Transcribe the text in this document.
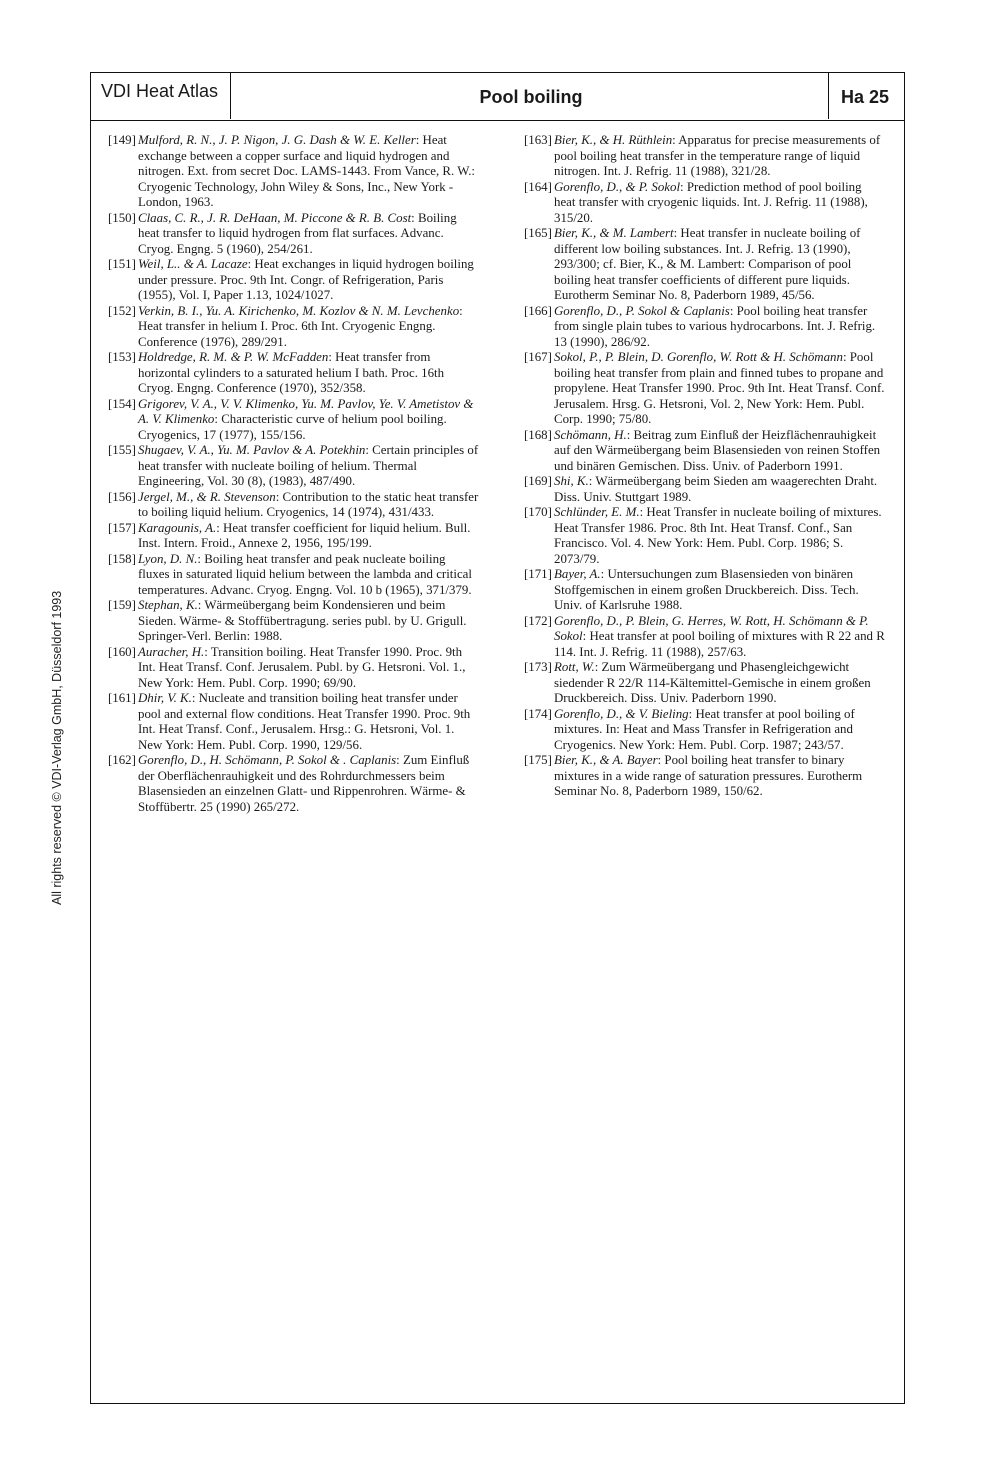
VDI Heat Atlas	Pool boiling	Ha 25
[149] Mulford, R. N., J. P. Nigon, J. G. Dash & W. E. Keller: Heat exchange between a copper surface and liquid hydrogen and nitrogen. Ext. from secret Doc. LAMS-1443. From Vance, R. W.: Cryogenic Technology, John Wiley & Sons, Inc., New York - London, 1963.
[150] Claas, C. R., J. R. DeHaan, M. Piccone & R. B. Cost: Boiling heat transfer to liquid hydrogen from flat surfaces. Advanc. Cryog. Engng. 5 (1960), 254/261.
[151] Weil, L.. & A. Lacaze: Heat exchanges in liquid hydrogen boiling under pressure. Proc. 9th Int. Congr. of Refrigeration, Paris (1955), Vol. I, Paper 1.13, 1024/1027.
[152] Verkin, B. I., Yu. A. Kirichenko, M. Kozlov & N. M. Levchenko: Heat transfer in helium I. Proc. 6th Int. Cryogenic Engng. Conference (1976), 289/291.
[153] Holdredge, R. M. & P. W. McFadden: Heat transfer from horizontal cylinders to a saturated helium I bath. Proc. 16th Cryog. Engng. Conference (1970), 352/358.
[154] Grigorev, V. A., V. V. Klimenko, Yu. M. Pavlov, Ye. V. Ametistov & A. V. Klimenko: Characteristic curve of helium pool boiling. Cryogenics, 17 (1977), 155/156.
[155] Shugaev, V. A., Yu. M. Pavlov & A. Potekhin: Certain principles of heat transfer with nucleate boiling of helium. Thermal Engineering, Vol. 30 (8), (1983), 487/490.
[156] Jergel, M., & R. Stevenson: Contribution to the static heat transfer to boiling liquid helium. Cryogenics, 14 (1974), 431/433.
[157] Karagounis, A.: Heat transfer coefficient for liquid helium. Bull. Inst. Intern. Froid., Annexe 2, 1956, 195/199.
[158] Lyon, D. N.: Boiling heat transfer and peak nucleate boiling fluxes in saturated liquid helium between the lambda and critical temperatures. Advanc. Cryog. Engng. Vol. 10 b (1965), 371/379.
[159] Stephan, K.: Wärmeübergang beim Kondensieren und beim Sieden. Wärme- & Stoffübertragung. series publ. by U. Grigull. Springer-Verl. Berlin: 1988.
[160] Auracher, H.: Transition boiling. Heat Transfer 1990. Proc. 9th Int. Heat Transf. Conf. Jerusalem. Publ. by G. Hetsroni. Vol. 1., New York: Hem. Publ. Corp. 1990; 69/90.
[161] Dhir, V. K.: Nucleate and transition boiling heat transfer under pool and external flow conditions. Heat Transfer 1990. Proc. 9th Int. Heat Transf. Conf., Jerusalem. Hrsg.: G. Hetsroni, Vol. 1. New York: Hem. Publ. Corp. 1990, 129/56.
[162] Gorenflo, D., H. Schömann, P. Sokol & . Caplanis: Zum Einfluß der Oberflächenrauhigkeit und des Rohrdurchmessers beim Blasensieden an einzelnen Glatt- und Rippenrohren. Wärme- & Stoffübertr. 25 (1990) 265/272.
[163] Bier, K., & H. Rüthlein: Apparatus for precise measurements of pool boiling heat transfer in the temperature range of liquid nitrogen. Int. J. Refrig. 11 (1988), 321/28.
[164] Gorenflo, D., & P. Sokol: Prediction method of pool boiling heat transfer with cryogenic liquids. Int. J. Refrig. 11 (1988), 315/20.
[165] Bier, K., & M. Lambert: Heat transfer in nucleate boiling of different low boiling substances. Int. J. Refrig. 13 (1990), 293/300; cf. Bier, K., & M. Lambert: Comparison of pool boiling heat transfer coefficients of different pure liquids. Eurotherm Seminar No. 8, Paderborn 1989, 45/56.
[166] Gorenflo, D., P. Sokol & Caplanis: Pool boiling heat transfer from single plain tubes to various hydrocarbons. Int. J. Refrig. 13 (1990), 286/92.
[167] Sokol, P., P. Blein, D. Gorenflo, W. Rott & H. Schömann: Pool boiling heat transfer from plain and finned tubes to propane and propylene. Heat Transfer 1990. Proc. 9th Int. Heat Transf. Conf. Jerusalem. Hrsg. G. Hetsroni, Vol. 2, New York: Hem. Publ. Corp. 1990; 75/80.
[168] Schömann, H.: Beitrag zum Einfluß der Heizflächenrauhigkeit auf den Wärmeübergang beim Blasensieden von reinen Stoffen und binären Gemischen. Diss. Univ. of Paderborn 1991.
[169] Shi, K.: Wärmeübergang beim Sieden am waagerechten Draht. Diss. Univ. Stuttgart 1989.
[170] Schlünder, E. M.: Heat Transfer in nucleate boiling of mixtures. Heat Transfer 1986. Proc. 8th Int. Heat Transf. Conf., San Francisco. Vol. 4. New York: Hem. Publ. Corp. 1986; S. 2073/79.
[171] Bayer, A.: Untersuchungen zum Blasensieden von binären Stoffgemischen in einem großen Druckbereich. Diss. Tech. Univ. of Karlsruhe 1988.
[172] Gorenflo, D., P. Blein, G. Herres, W. Rott, H. Schömann & P. Sokol: Heat transfer at pool boiling of mixtures with R 22 and R 114. Int. J. Refrig. 11 (1988), 257/63.
[173] Rott, W.: Zum Wärmeübergang und Phasengleichgewicht siedender R 22/R 114-Kältemittel-Gemische in einem großen Druckbereich. Diss. Univ. Paderborn 1990.
[174] Gorenflo, D., & V. Bieling: Heat transfer at pool boiling of mixtures. In: Heat and Mass Transfer in Refrigeration and Cryogenics. New York: Hem. Publ. Corp. 1987; 243/57.
[175] Bier, K., & A. Bayer: Pool boiling heat transfer to binary mixtures in a wide range of saturation pressures. Eurotherm Seminar No. 8, Paderborn 1989, 150/62.
All rights reserved © VDI-Verlag GmbH, Düsseldorf 1993
